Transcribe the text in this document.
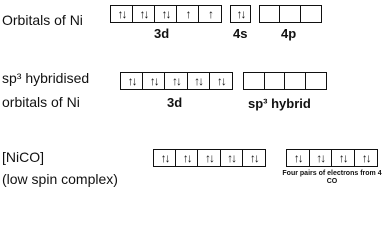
Orbitals of Ni	↑↓	↑↓	↑↓	↑	↑	↑↓
3d	4s	4p
sp³ hybridised
orbitals of Ni
↑↓	↑↓	↑↓	↑↓	↑↓
3d	sp³ hybrid
[NiCO]
(low spin complex)
↑↓	↑↓	↑↓	↑↓	↑↓	↑↓	↑↓	↑↓	↑↓
Four pairs of electrons from 4 CO
